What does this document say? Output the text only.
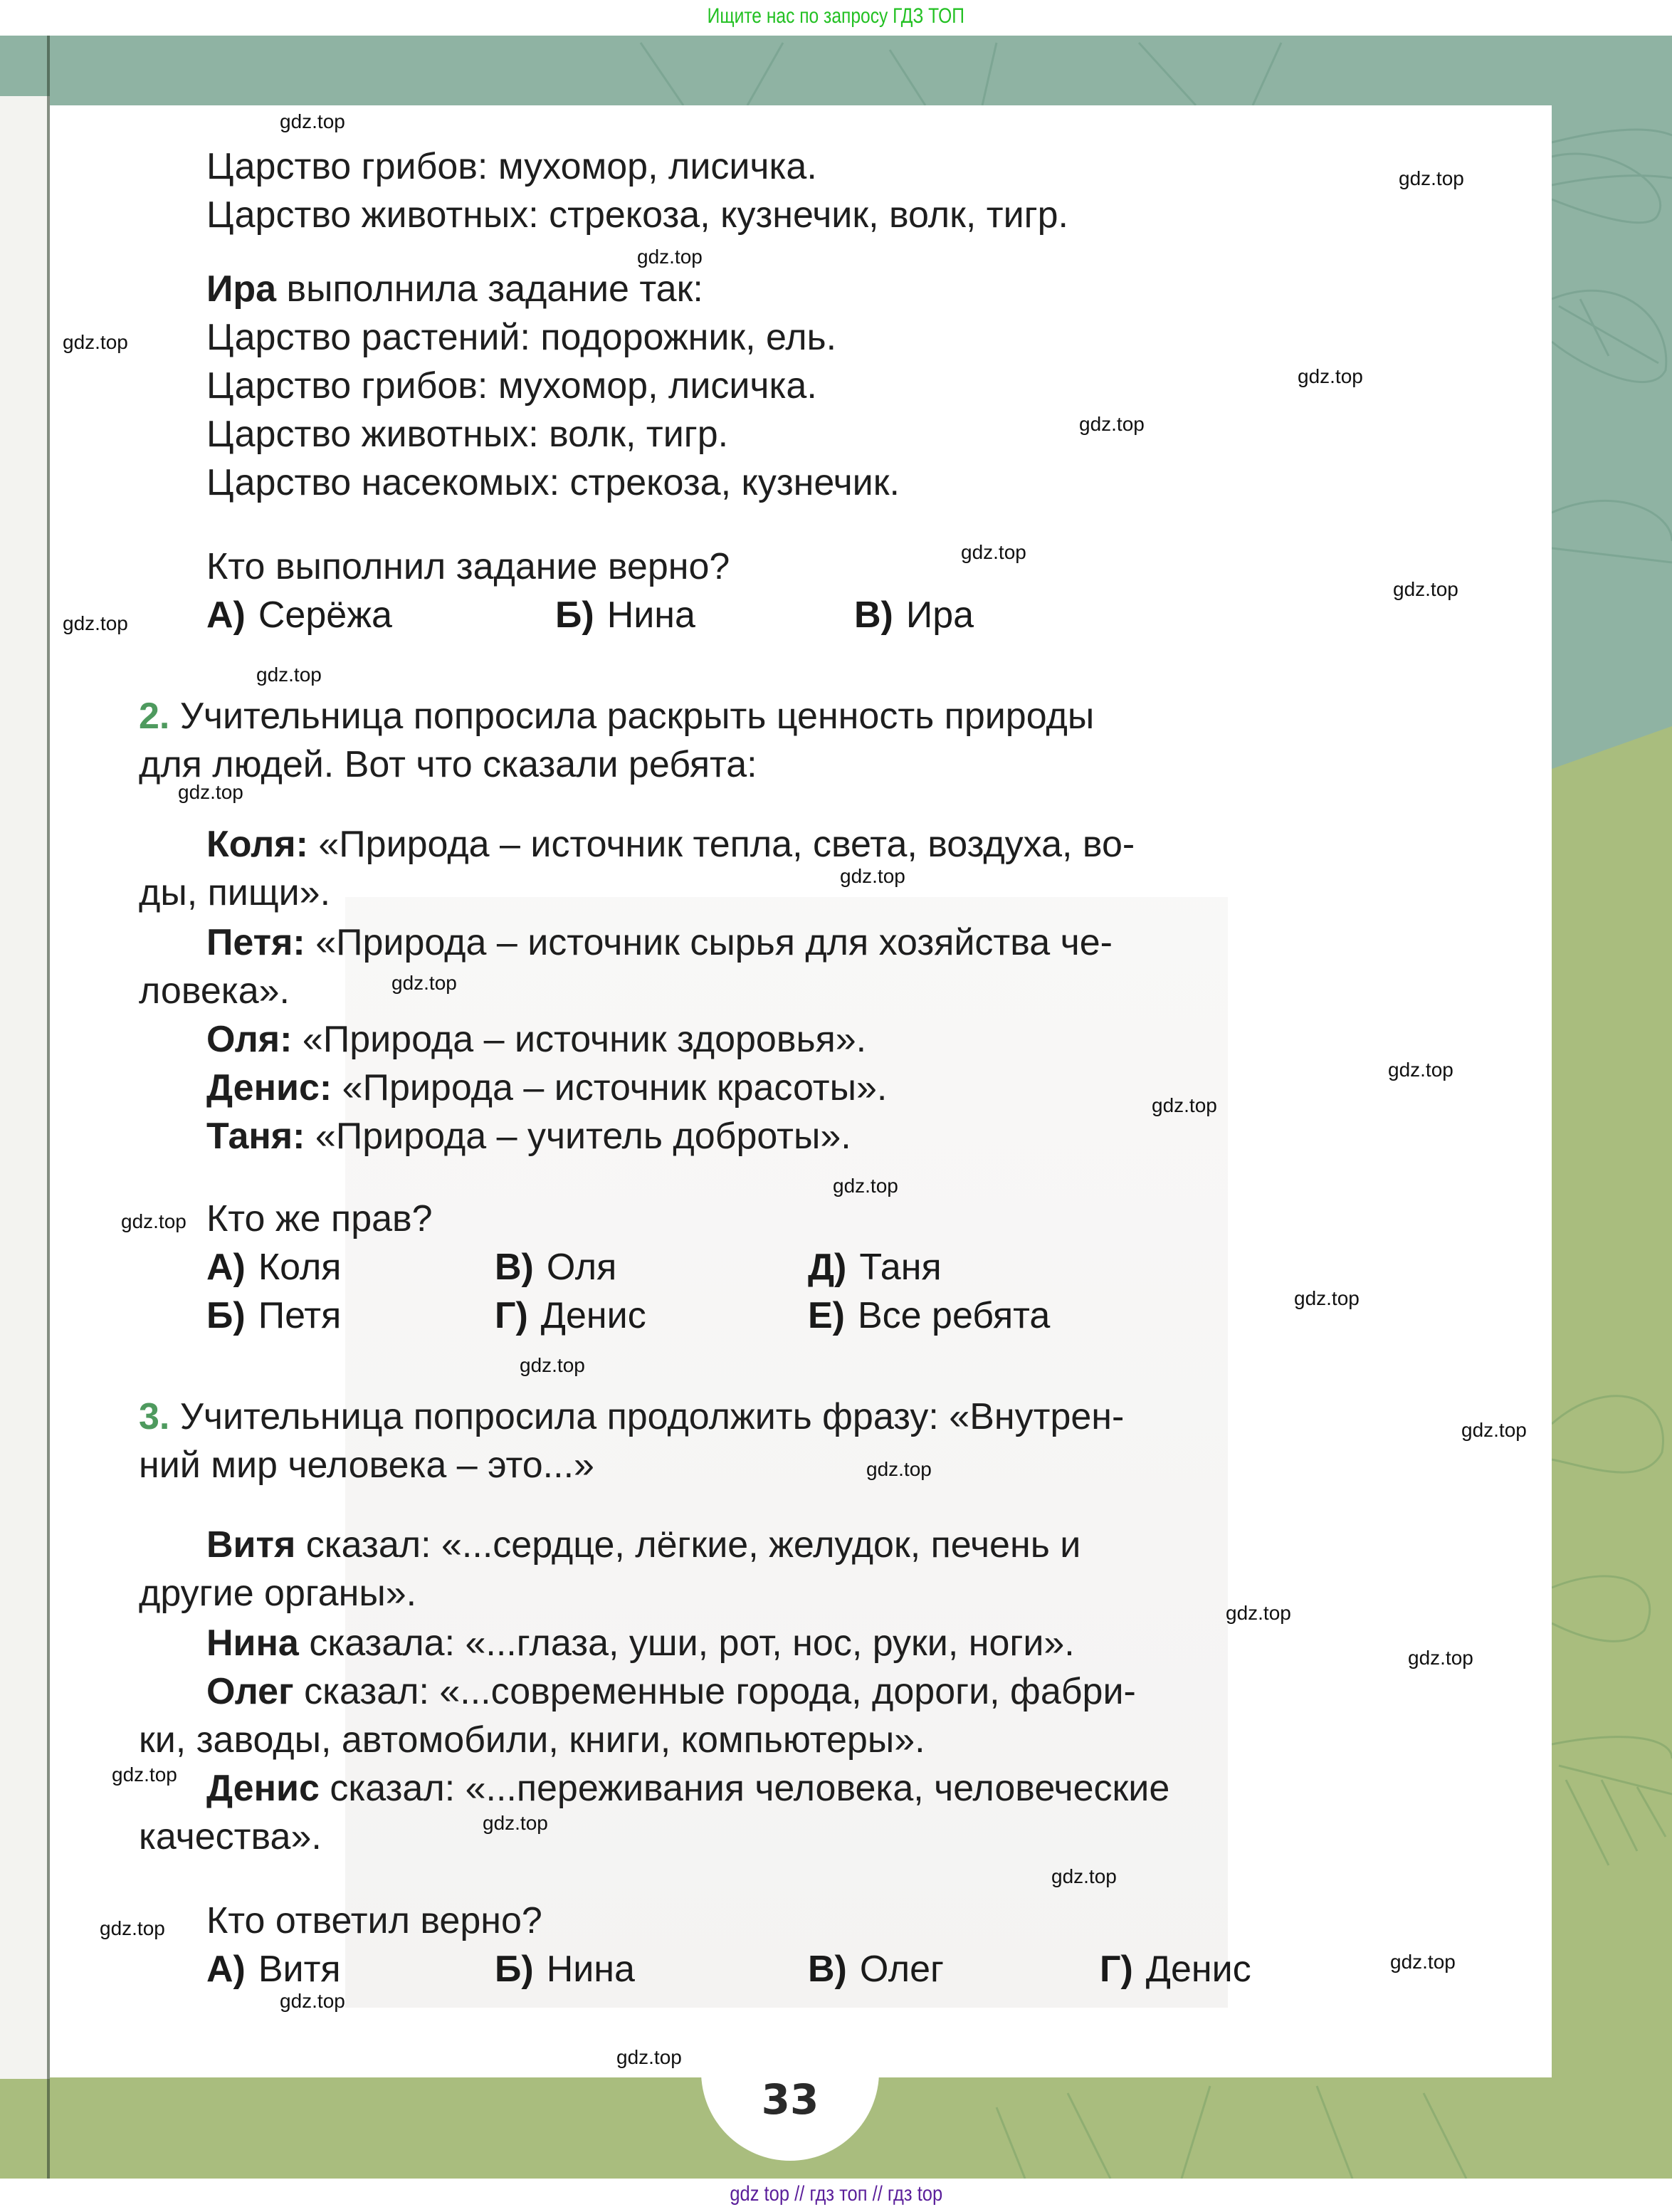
Ищите нас по запросу ГДЗ ТОП
Царство грибов: мухомор, лисичка.
Царство животных: стрекоза, кузнечик, волк, тигр.
Ира выполнила задание так:
Царство растений: подорожник, ель.
Царство грибов: мухомор, лисичка.
Царство животных: волк, тигр.
Царство насекомых: стрекоза, кузнечик.
Кто выполнил задание верно?
А) Серёжа	Б) Нина	В) Ира
2. Учительница попросила раскрыть ценность природы
для людей. Вот что сказали ребята:
Коля: «Природа – источник тепла, света, воздуха, во-
ды, пищи».
Петя: «Природа – источник сырья для хозяйства че-
ловека».
Оля: «Природа – источник здоровья».
Денис: «Природа – источник красоты».
Таня: «Природа – учитель доброты».
Кто же прав?
А) Коля
Б) Петя
В) Оля
Г) Денис
Д) Таня
Е) Все ребята
3. Учительница попросила продолжить фразу: «Внутрен-
ний мир человека – это...»
Витя сказал: «...сердце, лёгкие, желудок, печень и
другие органы».
Нина сказала: «...глаза, уши, рот, нос, руки, ноги».
Олег сказал: «...современные города, дороги, фабри-
ки, заводы, автомобили, книги, компьютеры».
Денис сказал: «...переживания человека, человеческие
качества».
Кто ответил верно?
А) Витя	Б) Нина	В) Олег	Г) Денис
gdz.top
gdz.top
gdz.top
gdz.top
gdz.top
gdz.top
gdz.top
gdz.top
gdz.top
gdz.top
gdz.top
gdz.top
gdz.top
gdz.top
gdz.top
gdz.top
gdz.top
gdz.top
gdz.top
gdz.top
gdz.top
gdz.top
gdz.top
gdz.top
gdz.top
gdz.top
gdz.top
gdz.top
gdz.top
gdz.top
33
gdz top // гдз топ // гдз top
